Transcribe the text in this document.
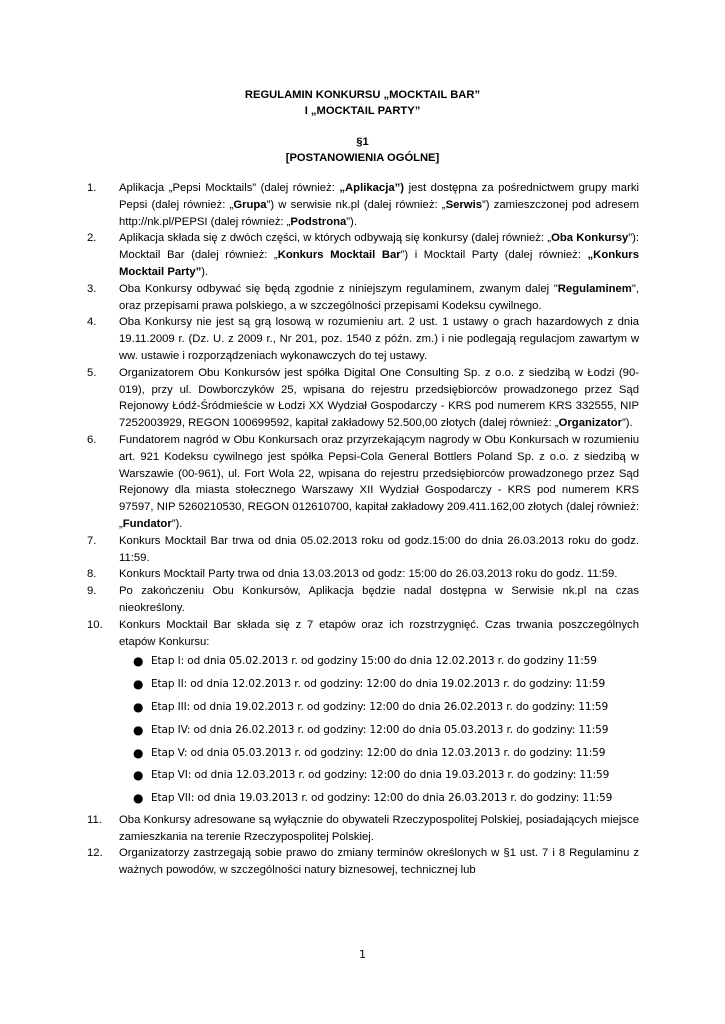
REGULAMIN KONKURSU „MOCKTAIL BAR”
I „MOCKTAIL PARTY”
§1
[POSTANOWIENIA OGÓLNE]
1. Aplikacja „Pepsi Mocktails” (dalej również: „Aplikacja”) jest dostępna za pośrednictwem grupy marki Pepsi (dalej również: „Grupa”) w serwisie nk.pl (dalej również: „Serwis”) zamieszczonej pod adresem http://nk.pl/PEPSI (dalej również: „Podstrona”).
2. Aplikacja składa się z dwóch części, w których odbywają się konkursy (dalej również: „Oba Konkursy”): Mocktail Bar (dalej również: „Konkurs Mocktail Bar”) i Mocktail Party (dalej również: „Konkurs Mocktail Party”).
3. Oba Konkursy odbywać się będą zgodnie z niniejszym regulaminem, zwanym dalej "Regulaminem", oraz przepisami prawa polskiego, a w szczególności przepisami Kodeksu cywilnego.
4. Oba Konkursy nie jest są grą losową w rozumieniu art. 2 ust. 1 ustawy o grach hazardowych z dnia 19.11.2009 r. (Dz. U. z 2009 r., Nr 201, poz. 1540 z późn. zm.) i nie podlegają regulacjom zawartym w ww. ustawie i rozporządzeniach wykonawczych do tej ustawy.
5. Organizatorem Obu Konkursów jest spółka Digital One Consulting Sp. z o.o. z siedzibą w Łodzi (90-019), przy ul. Dowborczyków 25, wpisana do rejestru przedsiębiorców prowadzonego przez Sąd Rejonowy Łódź-Śródmieście w Łodzi XX Wydział Gospodarczy - KRS pod numerem KRS 332555, NIP 7252003929, REGON 100699592, kapitał zakładowy 52.500,00 złotych (dalej również: „Organizator”).
6. Fundatorem nagród w Obu Konkursach oraz przyrzekającym nagrody w Obu Konkursach w rozumieniu art. 921 Kodeksu cywilnego jest spółka Pepsi-Cola General Bottlers Poland Sp. z o.o. z siedzibą w Warszawie (00-961), ul. Fort Wola 22, wpisana do rejestru przedsiębiorców prowadzonego przez Sąd Rejonowy dla miasta stołecznego Warszawy XII Wydział Gospodarczy - KRS pod numerem KRS 97597, NIP 5260210530, REGON 012610700, kapitał zakładowy 209.411.162,00 złotych (dalej również: „Fundator”).
7. Konkurs Mocktail Bar trwa od dnia 05.02.2013 roku od godz.15:00 do dnia 26.03.2013 roku do godz. 11:59.
8. Konkurs Mocktail Party trwa od dnia 13.03.2013 od godz: 15:00 do 26.03.2013 roku do godz. 11:59.
9. Po zakończeniu Obu Konkursów, Aplikacja będzie nadal dostępna w Serwisie nk.pl na czas nieokreślony.
10. Konkurs Mocktail Bar składa się z 7 etapów oraz ich rozstrzygnięć. Czas trwania poszczególnych etapów Konkursu:
● Etap I: od dnia 05.02.2013 r. od godziny 15:00 do dnia 12.02.2013 r. do godziny 11:59
● Etap II: od dnia 12.02.2013 r. od godziny: 12:00 do dnia 19.02.2013 r. do godziny: 11:59
● Etap III: od dnia 19.02.2013 r. od godziny: 12:00 do dnia 26.02.2013 r. do godziny: 11:59
● Etap IV: od dnia 26.02.2013 r. od godziny: 12:00 do dnia 05.03.2013 r. do godziny: 11:59
● Etap V: od dnia 05.03.2013 r. od godziny: 12:00 do dnia 12.03.2013 r. do godziny: 11:59
● Etap VI: od dnia 12.03.2013 r. od godziny: 12:00 do dnia 19.03.2013 r. do godziny: 11:59
● Etap VII: od dnia 19.03.2013 r. od godziny: 12:00 do dnia 26.03.2013 r. do godziny: 11:59
11. Oba Konkursy adresowane są wyłącznie do obywateli Rzeczypospolitej Polskiej, posiadających miejsce zamieszkania na terenie Rzeczypospolitej Polskiej.
12. Organizatorzy zastrzegają sobie prawo do zmiany terminów określonych w §1 ust. 7 i 8 Regulaminu z ważnych powodów, w szczególności natury biznesowej, technicznej lub
1
